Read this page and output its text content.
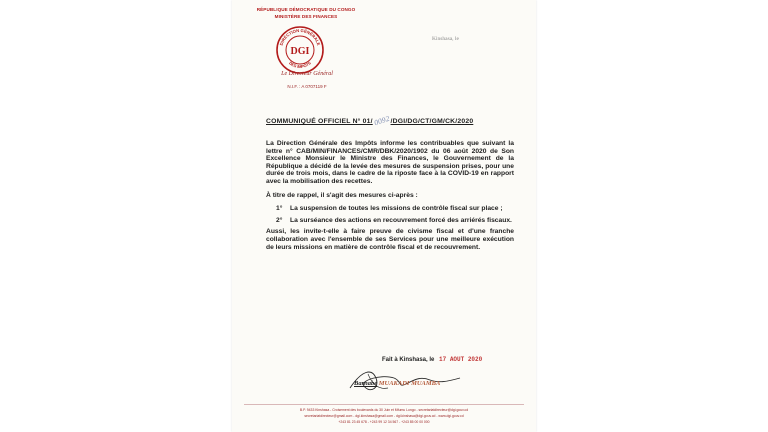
RÉPUBLIQUE DÉMOCRATIQUE DU CONGO
MINISTÈRE DES FINANCES
DIRECTION GÉNÉRALE
DES IMPÔTS
DGI
Le Directeur Général
N.I.F. : A 0707119 F
Kinshasa, le
COMMUNIQUÉ OFFICIEL N° 01/0092/DGI/DG/CT/GM/CK/2020

La Direction Générale des Impôts informe les contribuables que suivant la lettre n° CAB/MIN/FINANCES/CMR/DBK/2020/1902 du 06 août 2020 de Son Excellence Monsieur le Ministre des Finances, le Gouvernement de la République a décidé de la levée des mesures de suspension prises, pour une durée de trois mois, dans le cadre de la riposte face à la COVID-19 en rapport avec la mobilisation des recettes.

À titre de rappel, il s'agit des mesures ci-après :

1°	La suspension de toutes les missions de contrôle fiscal sur place ;
2°	La surséance des actions en recouvrement forcé des arriérés fiscaux.

Aussi, les invite-t-elle à faire preuve de civisme fiscal et d'une franche collaboration avec l'ensemble de ses Services pour une meilleure exécution de leurs missions en matière de contrôle fiscal et de recouvrement.

Fait à Kinshasa, le 17 AOUT 2020
Barnabé MUAKADI MUAMBA
B.P. 9433 Kinshasa - Croisement des boulevards du 30 Juin et Mfumu Longo - secretariatdirecteur@dgi.gouv.cd
secretariatdirecteur@gmail.com - dgi.kinshasa@gmail.com - dgi.kinshasa@dgi.gouv.cd - www.dgi.gouv.cd
+243 81 23 45 678 - +243 99 12 34 567 - +243 85 00 00 000
